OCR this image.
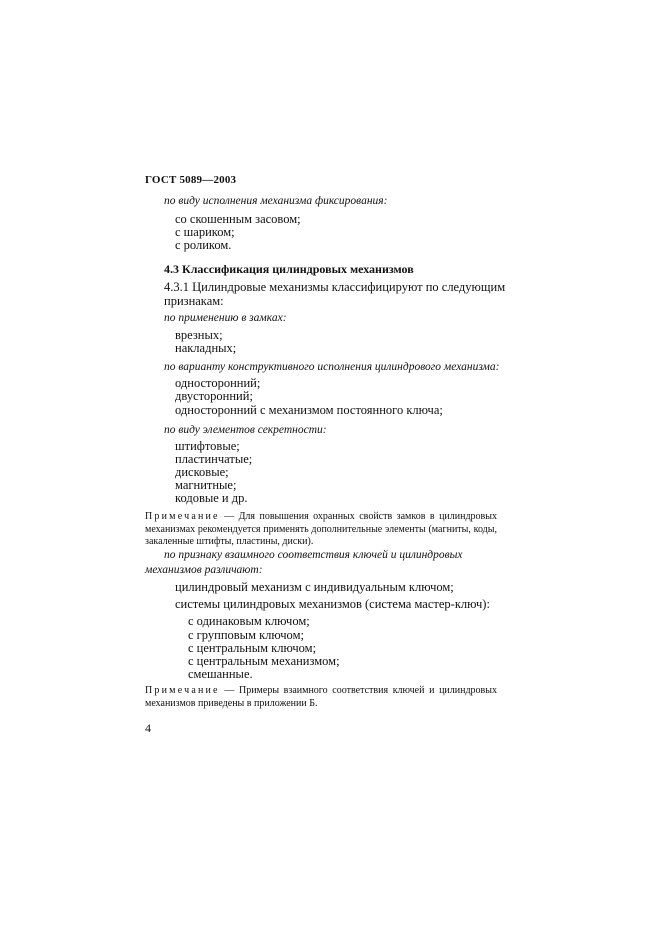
ГОСТ 5089—2003
по виду исполнения механизма фиксирования:
со скошенным засовом;
с шариком;
с роликом.
4.3 Классификация цилиндровых механизмов
4.3.1 Цилиндровые механизмы классифицируют по следующим признакам:
по применению в замках:
врезных;
накладных;
по варианту конструктивного исполнения цилиндрового механизма:
односторонний;
двусторонний;
односторонний с механизмом постоянного ключа;
по виду элементов секретности:
штифтовые;
пластинчатые;
дисковые;
магнитные;
кодовые и др.
Примечание — Для повышения охранных свойств замков в цилиндровых механизмах рекомендуется применять дополнительные элементы (магниты, коды, закаленные штифты, пластины, диски).
по признаку взаимного соответствия ключей и цилиндровых механизмов различают:
цилиндровый механизм с индивидуальным ключом;
системы цилиндровых механизмов (система мастер-ключ):
с одинаковым ключом;
с групповым ключом;
с центральным ключом;
с центральным механизмом;
смешанные.
Примечание — Примеры взаимного соответствия ключей и цилиндровых механизмов приведены в приложении Б.
4
